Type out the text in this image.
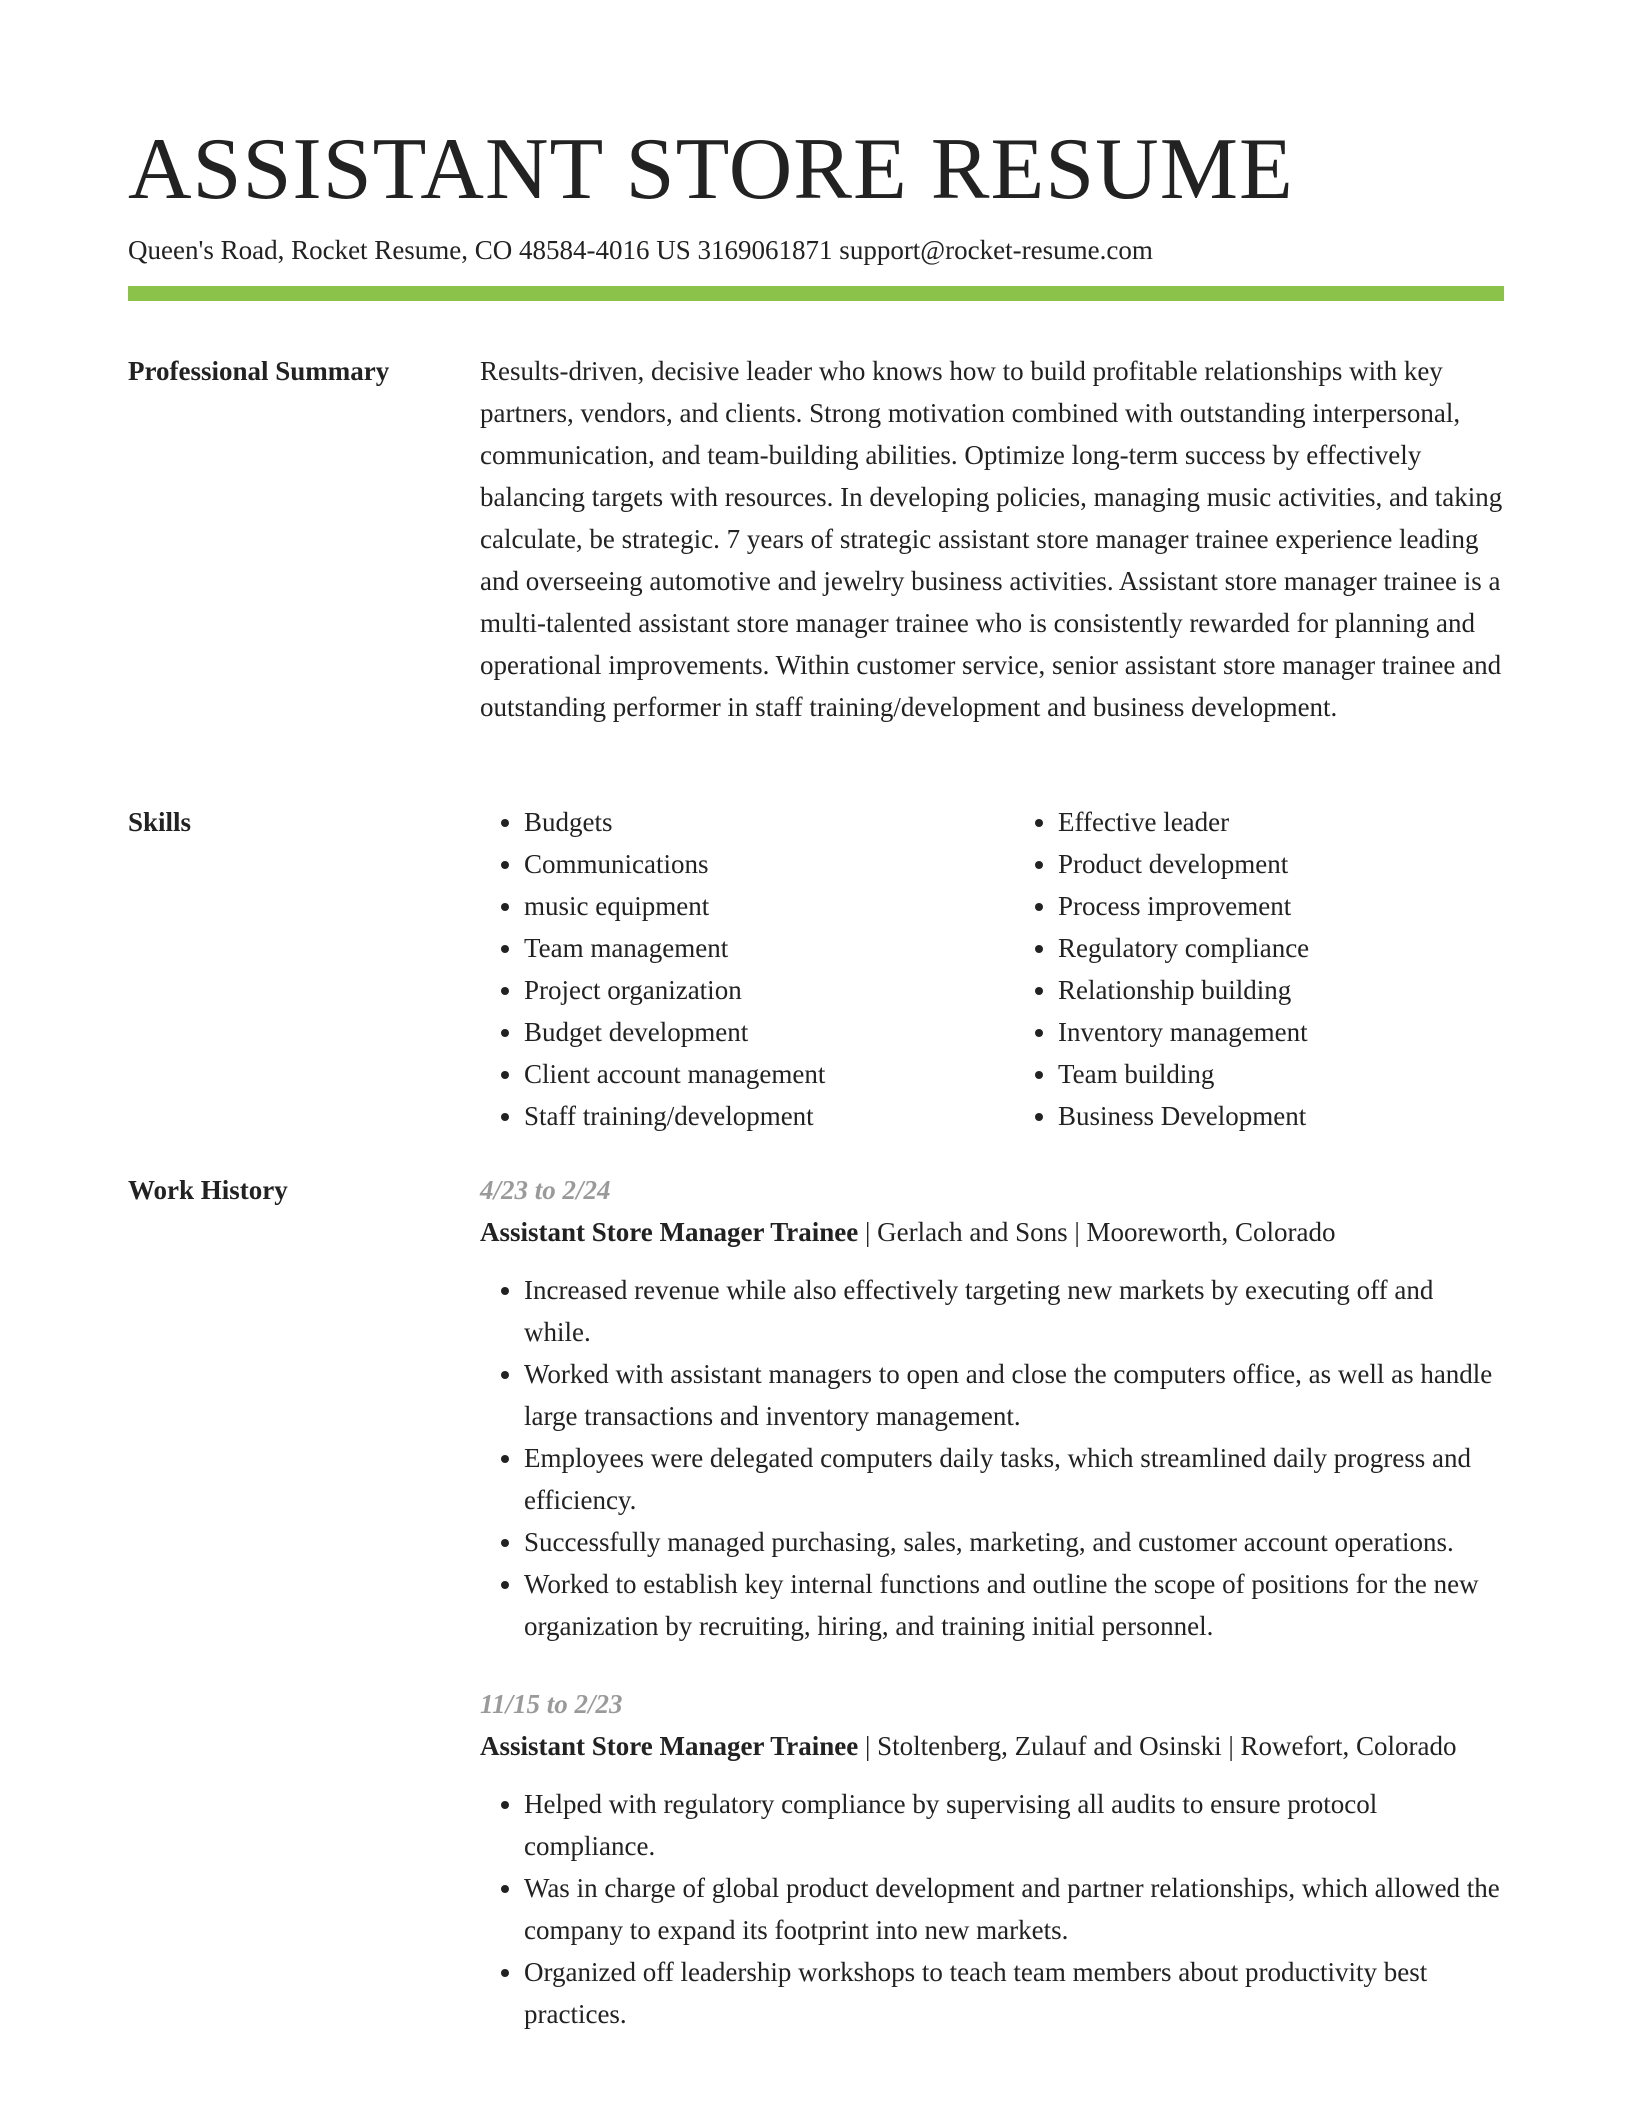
ASSISTANT STORE RESUME
Queen's Road, Rocket Resume, CO 48584-4016 US 3169061871 support@rocket-resume.com
Professional Summary	Results-driven, decisive leader who knows how to build profitable relationships with key partners, vendors, and clients. Strong motivation combined with outstanding interpersonal, communication, and team-building abilities. Optimize long-term success by effectively balancing targets with resources. In developing policies, managing music activities, and taking calculate, be strategic. 7 years of strategic assistant store manager trainee experience leading and overseeing automotive and jewelry business activities. Assistant store manager trainee is a multi-talented assistant store manager trainee who is consistently rewarded for planning and operational improvements. Within customer service, senior assistant store manager trainee and outstanding performer in staff training/development and business development.

Skills
•	Budgets
• Communications
• music equipment
• Team management
• Project organization
• Budget development
• Client account management
• Staff training/development
• Effective leader
• Product development
• Process improvement
• Regulatory compliance
• Relationship building
• Inventory management
• Team building
• Business Development
Work History	4/23 to 2/24
Assistant Store Manager Trainee | Gerlach and Sons | Mooreworth, Colorado
• Increased revenue while also effectively targeting new markets by executing off and while.
• Worked with assistant managers to open and close the computers office, as well as handle large transactions and inventory management.
• Employees were delegated computers daily tasks, which streamlined daily progress and efficiency.
• Successfully managed purchasing, sales, marketing, and customer account operations.
• Worked to establish key internal functions and outline the scope of positions for the new organization by recruiting, hiring, and training initial personnel.
11/15 to 2/23
Assistant Store Manager Trainee | Stoltenberg, Zulauf and Osinski | Rowefort, Colorado
• Helped with regulatory compliance by supervising all audits to ensure protocol compliance.
• Was in charge of global product development and partner relationships, which allowed the company to expand its footprint into new markets.
• Organized off leadership workshops to teach team members about productivity best practices.
